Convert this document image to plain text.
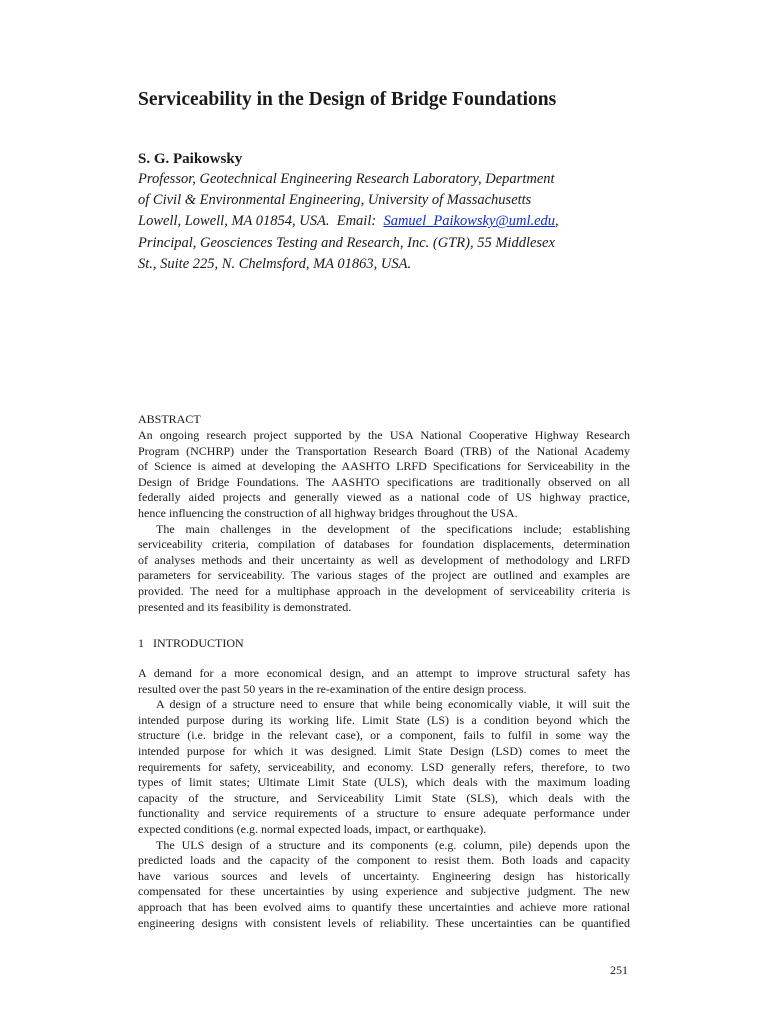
Serviceability in the Design of Bridge Foundations
S. G. Paikowsky
Professor, Geotechnical Engineering Research Laboratory, Department
of Civil & Environmental Engineering, University of Massachusetts
Lowell, Lowell, MA 01854, USA.  Email:  Samuel_Paikowsky@uml.edu,
Principal, Geosciences Testing and Research, Inc. (GTR), 55 Middlesex
St., Suite 225, N. Chelmsford, MA 01863, USA.
ABSTRACT
An ongoing research project supported by the USA National Cooperative Highway Research
Program (NCHRP) under the Transportation Research Board (TRB) of the National Academy
of Science is aimed at developing the AASHTO LRFD Specifications for Serviceability in the
Design of Bridge Foundations. The AASHTO specifications are traditionally observed on all
federally aided projects and generally viewed as a national code of US highway practice,
hence influencing the construction of all highway bridges throughout the USA.
The main challenges in the development of the specifications include; establishing
serviceability criteria, compilation of databases for foundation displacements, determination
of analyses methods and their uncertainty as well as development of methodology and LRFD
parameters for serviceability. The various stages of the project are outlined and examples are
provided. The need for a multiphase approach in the development of serviceability criteria is
presented and its feasibility is demonstrated.
1 INTRODUCTION
A demand for a more economical design, and an attempt to improve structural safety has
resulted over the past 50 years in the re-examination of the entire design process.
A design of a structure need to ensure that while being economically viable, it will suit the
intended purpose during its working life. Limit State (LS) is a condition beyond which the
structure (i.e. bridge in the relevant case), or a component, fails to fulfil in some way the
intended purpose for which it was designed. Limit State Design (LSD) comes to meet the
requirements for safety, serviceability, and economy. LSD generally refers, therefore, to two
types of limit states; Ultimate Limit State (ULS), which deals with the maximum loading
capacity of the structure, and Serviceability Limit State (SLS), which deals with the
functionality and service requirements of a structure to ensure adequate performance under
expected conditions (e.g. normal expected loads, impact, or earthquake).
The ULS design of a structure and its components (e.g. column, pile) depends upon the
predicted loads and the capacity of the component to resist them. Both loads and capacity
have various sources and levels of uncertainty. Engineering design has historically
compensated for these uncertainties by using experience and subjective judgment. The new
approach that has been evolved aims to quantify these uncertainties and achieve more rational
engineering designs with consistent levels of reliability. These uncertainties can be quantified
251
